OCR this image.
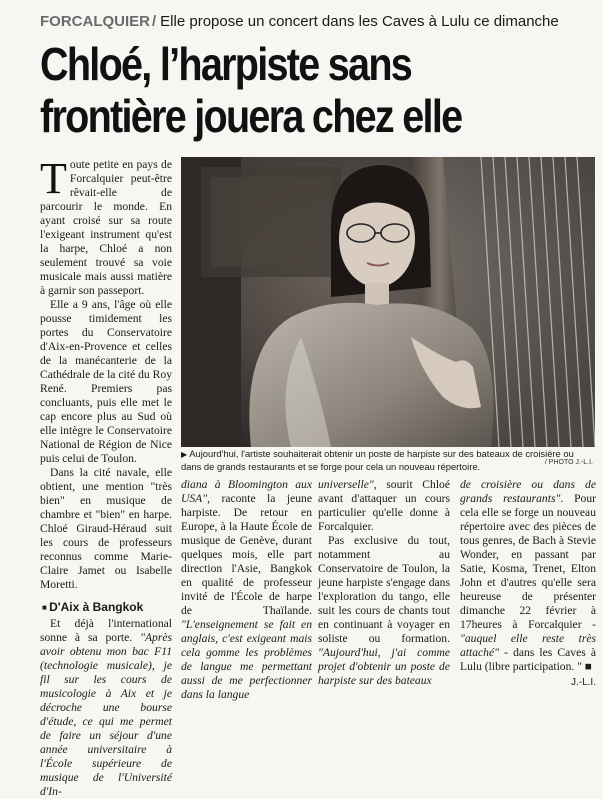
FORCALQUIER / Elle propose un concert dans les Caves à Lulu ce dimanche
Chloé, l’harpiste sans
frontière jouera chez elle

Toute petite en pays de Forcalquier peut-être rêvait-elle de parcourir le monde. En ayant croisé sur sa route l'exigeant instrument qu'est la harpe, Chloé a non seulement trouvé sa voie musicale mais aussi matière à garnir son passeport.

Elle a 9 ans, l'âge où elle pousse timidement les portes du Conservatoire d'Aix-en-Provence et celles de la manécanterie de la Cathédrale de la cité du Roy René. Premiers pas concluants, puis elle met le cap encore plus au Sud où elle intègre le Conservatoire National de Région de Nice puis celui de Toulon.

Dans la cité navale, elle obtient, une mention "très bien" en musique de chambre et "bien" en harpe. Chloé Giraud-Héraud suit les cours de professeurs reconnus comme Marie-Claire Jamet ou Isabelle Moretti.

■ D'Aix à Bangkok

Et déjà l'international sonne à sa porte. "Après avoir obtenu mon bac F11 (technologie musicale), je fil sur les cours de musicologie à Aix et je décroche une bourse d'étude, ce qui me permet de faire un séjour d'une année universitaire à l'École supérieure de musique de l'Université d'In-

▶ Aujourd'hui, l'artiste souhaiterait obtenir un poste de harpiste sur des bateaux de croisière ou dans de grands restaurants et se forge pour cela un nouveau répertoire.	/ PHOTO J.-L.I.

diana à Bloomington aux USA", raconte la jeune harpiste. De retour en Europe, à la Haute École de musique de Genève, durant quelques mois, elle part direction l'Asie, Bangkok en qualité de professeur invité de l'École de harpe de Thaïlande. "L'enseignement se fait en anglais, c'est exigeant mais cela gomme les problèmes de langue me permettant aussi de me perfectionner dans la langue

universelle", sourit Chloé avant d'attaquer un cours particulier qu'elle donne à Forcalquier.

Pas exclusive du tout, notamment au Conservatoire de Toulon, la jeune harpiste s'engage dans l'exploration du tango, elle suit les cours de chants tout en continuant à voyager en soliste ou formation. "Aujourd'hui, j'ai comme projet d'obtenir un poste de harpiste sur des bateaux

de croisière ou dans de grands restaurants". Pour cela elle se forge un nouveau répertoire avec des pièces de tous genres, de Bach à Stevie Wonder, en passant par Satie, Kosma, Trenet, Elton John et d'autres qu'elle sera heureuse de présenter dimanche 22 février à 17heures à Forcalquier - "auquel elle reste très attaché" - dans les Caves à Lulu (libre participation. " ■

J.-L.I.
